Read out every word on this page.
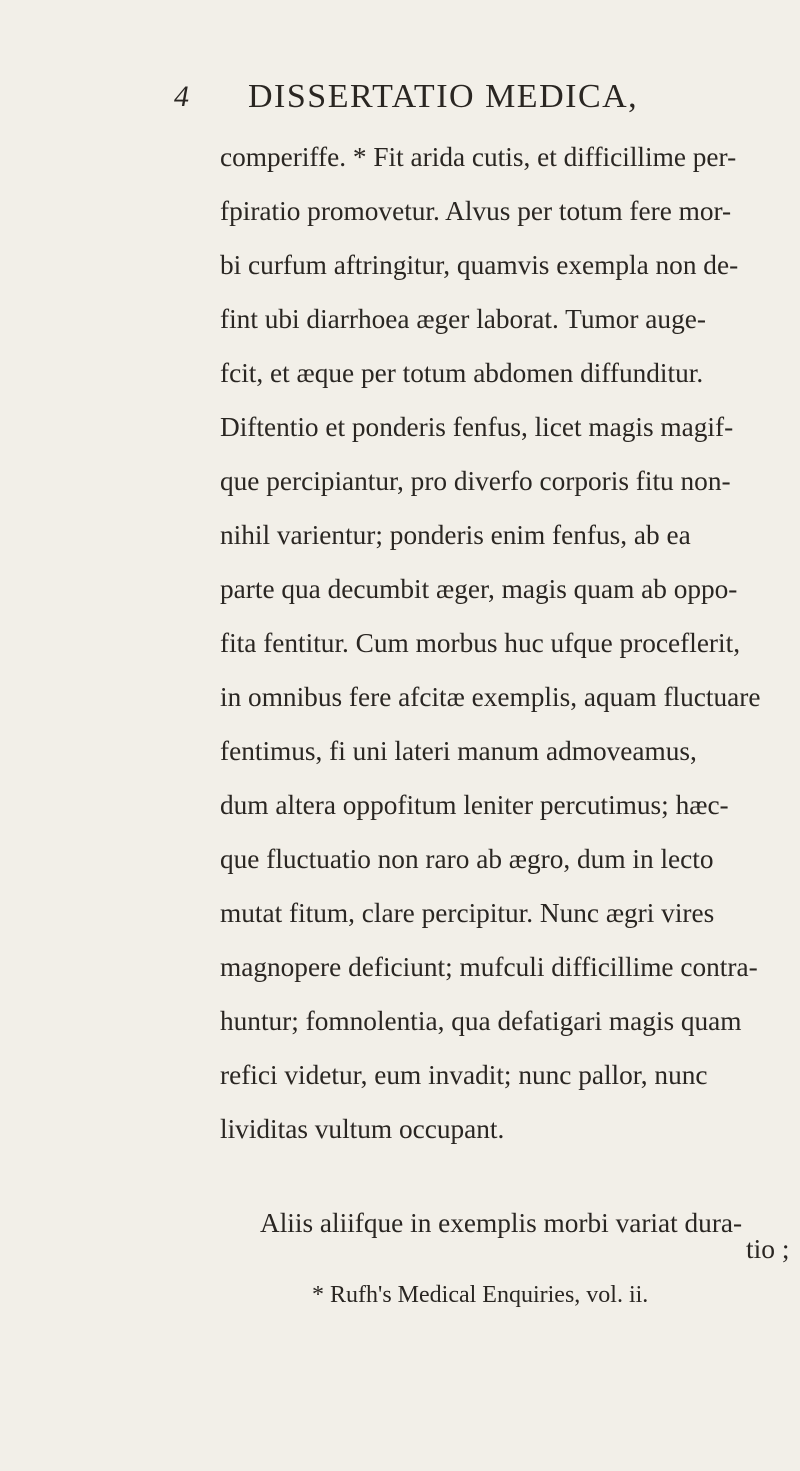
4 DISSERTATIO MEDICA,
comperiffe. * Fit arida cutis, et difficillime per-
fpiratio promovetur. Alvus per totum fere mor-
bi curfum aftringitur, quamvis exempla non de-
fint ubi diarrhoea æger laborat. Tumor auge-
fcit, et æque per totum abdomen diffunditur.
Diftentio et ponderis fenfus, licet magis magif-
que percipiantur, pro diverfo corporis fitu non-
nihil varientur; ponderis enim fenfus, ab ea
parte qua decumbit æger, magis quam ab oppo-
fita fentitur. Cum morbus huc ufque proceflerit,
in omnibus fere afcitæ exemplis, aquam fluctuare
fentimus, fi uni lateri manum admoveamus,
dum altera oppofitum leniter percutimus; hæc-
que fluctuatio non raro ab ægro, dum in lecto
mutat fitum, clare percipitur. Nunc ægri vires
magnopere deficiunt; mufculi difficillime contra-
huntur; fomnolentia, qua defatigari magis quam
refici videtur, eum invadit; nunc pallor, nunc
lividitas vultum occupant.
Aliis aliifque in exemplis morbi variat dura-
tio ;
* Rufh's Medical Enquiries, vol. ii.
